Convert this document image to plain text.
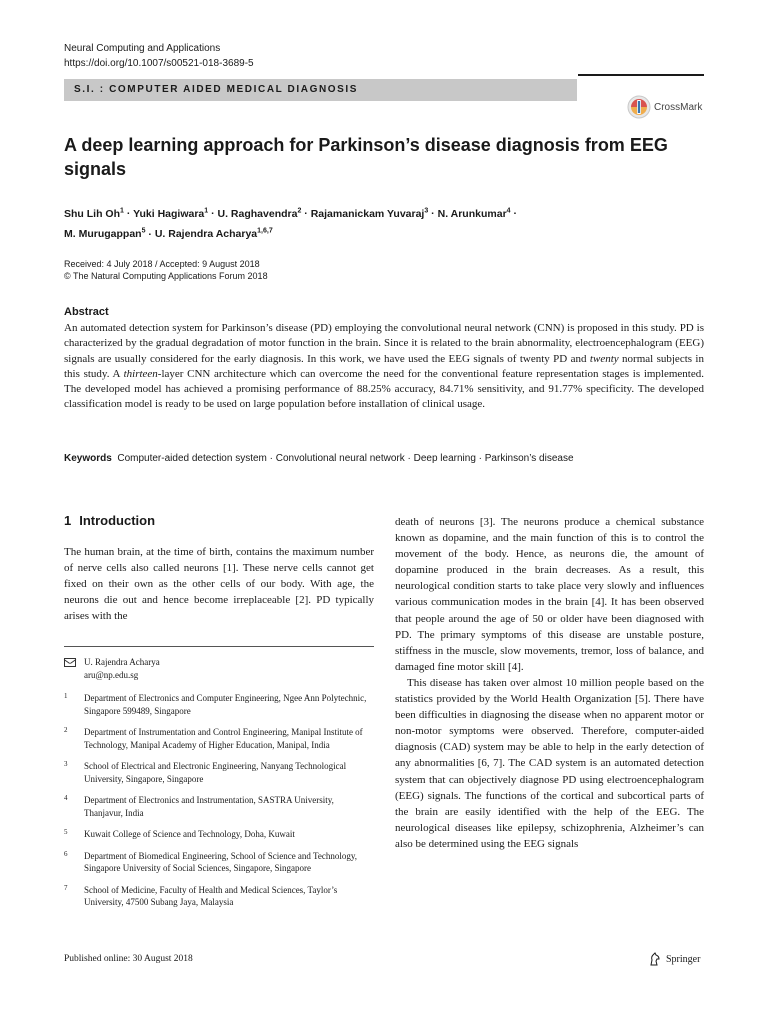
Neural Computing and Applications
https://doi.org/10.1007/s00521-018-3689-5
S.I. : COMPUTER AIDED MEDICAL DIAGNOSIS
CrossMark
A deep learning approach for Parkinson’s disease diagnosis from EEG signals
Shu Lih $Oh^1$ · Yuki Hagiwara$^1$ · U. Raghavendra$^2$ · Rajamanickam Yuvaraj$^3$ · N. Arunkumar$^4$ ·
M. Murugappan$^5$ · U. Rajendra Acharya$^{1,6,7}$
Received: 4 July 2018 / Accepted: 9 August 2018
© The Natural Computing Applications Forum 2018
Abstract
An automated detection system for Parkinson’s disease (PD) employing the convolutional neural network (CNN) is proposed in this study. PD is characterized by the gradual degradation of motor function in the brain. Since it is related to the brain abnormality, electroencephalogram (EEG) signals are usually considered for the early diagnosis. In this work, we have used the EEG signals of twenty PD and twenty normal subjects in this study. A thirteen-layer CNN architecture which can overcome the need for the conventional feature representation stages is implemented. The developed model has achieved a promising performance of 88.25% accuracy, 84.71% sensitivity, and 91.77% specificity. The developed classification model is ready to be used on large population before installation of clinical usage.
Keywords Computer-aided detection system · Convolutional neural network · Deep learning · Parkinson’s disease
1 Introduction

The human brain, at the time of birth, contains the maximum number of nerve cells also called neurons [1]. These nerve cells cannot get fixed on their own as the other cells of our body. With age, the neurons die out and hence become irreplaceable [2]. PD typically arises with the

death of neurons [3]. The neurons produce a chemical substance known as dopamine, and the main function of this is to control the movement of the body. Hence, as neurons die, the amount of dopamine produced in the brain decreases. As a result, this neurological condition starts to take place very slowly and influences various communication modes in the brain [4]. It has been observed that people around the age of 50 or older have been diagnosed with PD. The primary symptoms of this disease are unstable posture, stiffness in the muscle, slow movements, tremor, loss of balance, and damaged fine motor skill [4].

This disease has taken over almost 10 million people based on the statistics provided by the World Health Organization [5]. There have been difficulties in diagnosing the disease when no apparent motor or non-motor symptoms were observed. Therefore, computer-aided diagnosis (CAD) system may be able to help in the early detection of any abnormalities [6, 7]. The CAD system is an automated detection system that can objectively diagnose PD using electroencephalogram (EEG) signals. The functions of the cortical and subcortical parts of the brain are easily identified with the help of the EEG. The neurological diseases like epilepsy, schizophrenia, Alzheimer’s can also be determined using the EEG signals

U. Rajendra Acharya
aru@np.edu.sg
1	Department of Electronics and Computer Engineering, Ngee Ann Polytechnic, Singapore 599489, Singapore
2	Department of Instrumentation and Control Engineering, Manipal Institute of Technology, Manipal Academy of Higher Education, Manipal, India
3	School of Electrical and Electronic Engineering, Nanyang Technological University, Singapore, Singapore
4	Department of Electronics and Instrumentation, SASTRA University, Thanjavur, India
5	Kuwait College of Science and Technology, Doha, Kuwait
6	Department of Biomedical Engineering, School of Science and Technology, Singapore University of Social Sciences, Singapore, Singapore
7	School of Medicine, Faculty of Health and Medical Sciences, Taylor’s University, 47500 Subang Jaya, Malaysia
Published online: 30 August 2018	Springer
